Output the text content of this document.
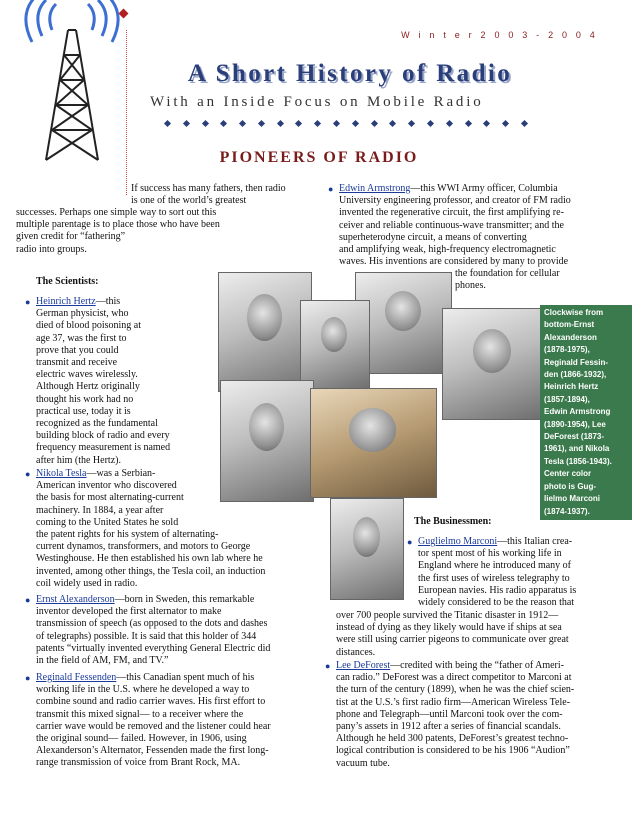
W i n t e r 2 0 0 3 - 2 0 0 4
A Short History of Radio
With an Inside Focus on Mobile Radio
PIONEERS OF RADIO

If success has many fathers, then radio

is one of the world’s greatest

successes. Perhaps one simple way to sort out this

multiple parentage is to place those who have been

given credit for “fathering”

radio into groups.

The Scientists:
● Heinrich Hertz—this

German physicist, who

died of blood poisoning at

age 37, was the first to

prove that you could

transmit and receive

electric waves wirelessly.

Although Hertz originally

thought his work had no

practical use, today it is

recognized as the fundamental

building block of radio and every

frequency measurement is named

after him (the Hertz).

● Nikola Tesla—was a Serbian-

American inventor who discovered

the basis for most alternating-current

machinery. In 1884, a year after

coming to the United States he sold

the patent rights for his system of alternating-

current dynamos, transformers, and motors to George

Westinghouse. He then established his own lab where he

invented, among other things, the Tesla coil, an induction

coil widely used in radio.

● Ernst Alexanderson—born in Sweden, this remarkable

inventor developed the first alternator to make

transmission of speech (as opposed to the dots and dashes

of telegraphs) possible. It is said that this holder of 344

patents “virtually invented everything General Electric did

in the field of AM, FM, and TV.”

● Reginald Fessenden—this Canadian spent much of his

working life in the U.S. where he developed a way to

combine sound and radio carrier waves. His first effort to

transmit this mixed signal— to a receiver where the

carrier wave would be removed and the listener could hear

the original sound— failed. However, in 1906, using

Alexanderson’s Alternator, Fessenden made the first long-

range transmission of voice from Brant Rock, MA.

● Edwin Armstrong—this WWI Army officer, Columbia

University engineering professor, and creator of FM radio

invented the regenerative circuit, the first amplifying re-

ceiver and reliable continuous-wave transmitter; and the

superheterodyne circuit, a means of converting

and amplifying weak, high-frequency electromagnetic

waves. His inventions are considered by many to provide

the foundation for cellular

phones.

Clockwise from
bottom-Ernst
Alexanderson
(1878-1975),
Reginald Fessin-
den (1866-1932),
Heinrich Hertz
(1857-1894),
Edwin Armstrong
(1890-1954), Lee
DeForest (1873-
1961), and Nikola
Tesla (1856-1943).
Center color
photo is Gug-
lielmo Marconi
(1874-1937).
The Businessmen:
● Guglielmo Marconi—this Italian crea-

tor spent most of his working life in

England where he introduced many of

the first uses of wireless telegraphy to

European navies. His radio apparatus is

widely considered to be the reason that

over 700 people survived the Titanic disaster in 1912—

instead of dying as they likely would have if ships at sea

were still using carrier pigeons to communicate over great

distances.

● Lee DeForest—credited with being the “father of Ameri-

can radio.” DeForest was a direct competitor to Marconi at

the turn of the century (1899), when he was the chief scien-

tist at the U.S.’s first radio firm—American Wireless Tele-

phone and Telegraph—until Marconi took over the com-

pany’s assets in 1912 after a series of financial scandals.

Although he held 300 patents, DeForest’s greatest techno-

logical contribution is considered to be his 1906 “Audion”

vacuum tube.
